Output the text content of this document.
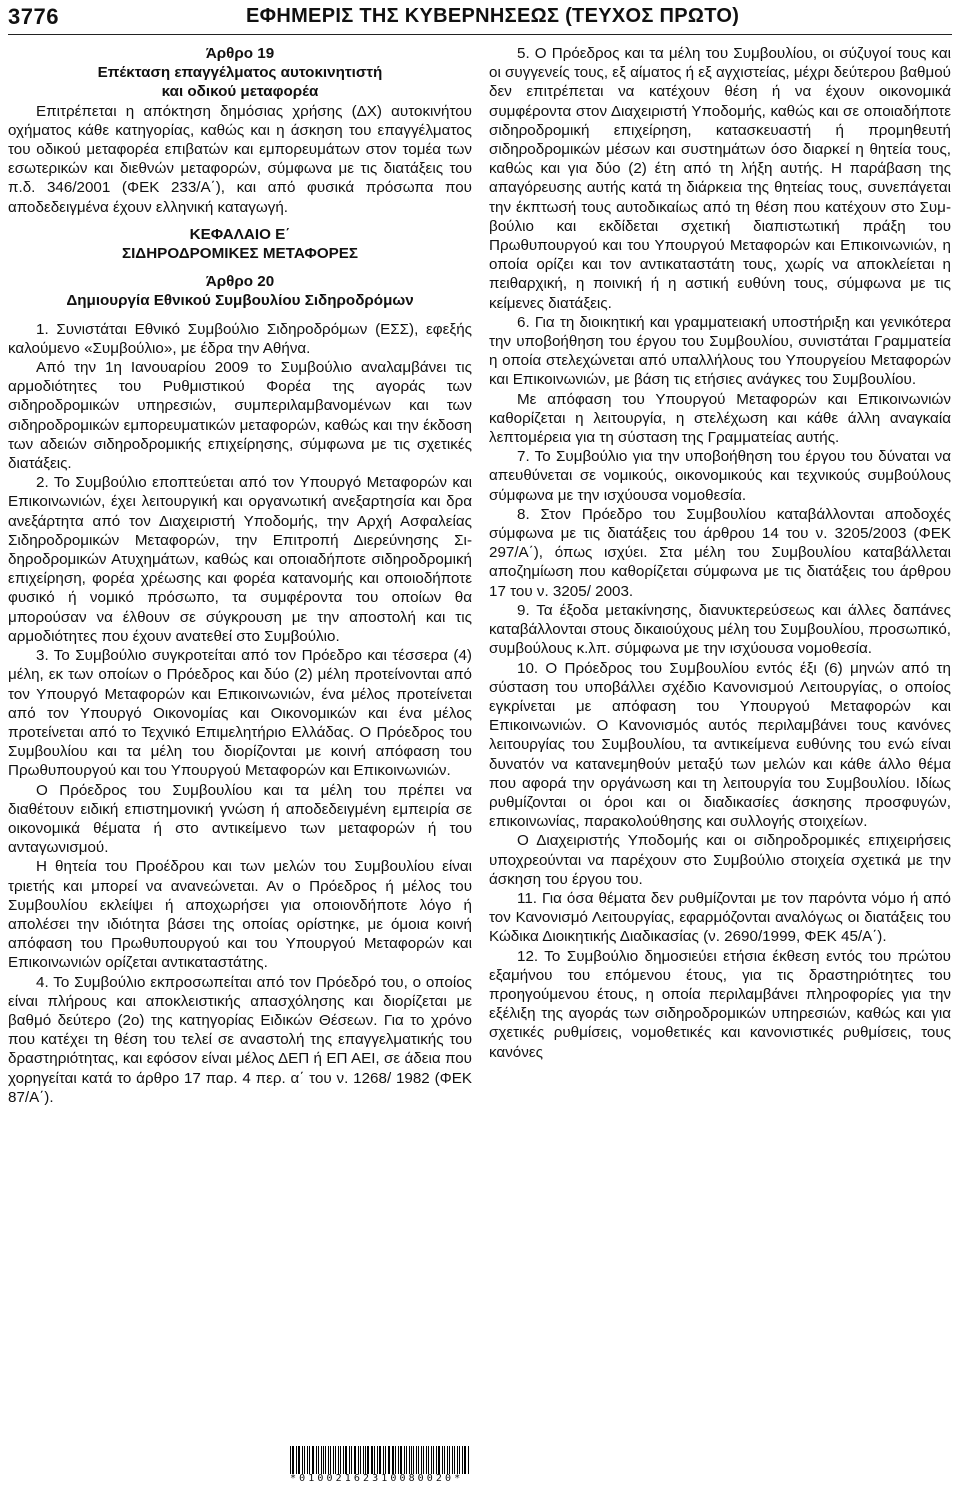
3776	ΕΦΗΜΕΡΙΣ ΤΗΣ ΚΥΒΕΡΝΗΣΕΩΣ (ΤΕΥΧΟΣ ΠΡΩΤΟ)

Άρθρο 19

Επέκταση επαγγέλματος αυτοκινητιστή

και οδικού μεταφορέα

Επιτρέπεται η απόκτηση δημόσιας χρήσης (ΔΧ) αυτοκινήτου οχήματος κάθε κατηγορίας, καθώς και η άσκηση του επαγγέλματος του οδικού μεταφορέα επιβατών και εμπορευμάτων στον τομέα των εσωτερικών και διεθνών μεταφορών, σύμφωνα με τις διατάξεις του π.δ. 346/2001 (ΦΕΚ 233/Α΄), και από φυσικά πρόσωπα που αποδεδειγμένα έχουν ελληνική καταγωγή.

ΚΕΦΑΛΑΙΟ Ε΄

ΣΙΔΗΡΟΔΡΟΜΙΚΕΣ ΜΕΤΑΦΟΡΕΣ

Άρθρο 20

Δημιουργία Εθνικού Συμβουλίου Σιδηροδρόμων

1. Συνιστάται Εθνικό Συμβούλιο Σιδηροδρόμων (ΕΣΣ), εφεξής καλούμενο «Συμβούλιο», με έδρα την Αθήνα.

Από την 1η Ιανουαρίου 2009 το Συμβούλιο αναλαμβάνει τις αρμοδιότητες του Ρυθμιστικού Φορέα της αγοράς των σιδηροδρομικών υπηρεσιών, συμπεριλαμβανομένων και των σιδηροδρομικών εμπορευματικών μεταφορών, καθώς και την έκδοση των αδειών σιδηροδρομικής επιχείρησης, σύμφωνα με τις σχετικές διατάξεις.

2. Το Συμβούλιο εποπτεύεται από τον Υπουργό Μεταφορών και Επικοινωνιών, έχει λειτουργική και οργανωτική ανεξαρτησία και δρα ανεξάρτητα από τον Διαχειριστή Υποδομής, την Αρχή Ασφαλείας Σιδηροδρομικών Μεταφορών, την Επιτροπή Διερεύνησης Σιδηροδρομικών Ατυχημάτων, καθώς και οποιαδήποτε σιδηροδρομική επιχείρηση, φορέα χρέωσης και φορέα κατανομής και οποιοδήποτε φυσικό ή νομικό πρόσωπο, τα συμφέροντα του οποίων θα μπορούσαν να έλθουν σε σύγκρουση με την αποστολή και τις αρμοδιότητες που έχουν ανατεθεί στο Συμβούλιο.

3. Το Συμβούλιο συγκροτείται από τον Πρόεδρο και τέσσερα (4) μέλη, εκ των οποίων ο Πρόεδρος και δύο (2) μέλη προτείνονται από τον Υπουργό Μεταφορών και Επικοινωνιών, ένα μέλος προτείνεται από τον Υπουργό Οικονομίας και Οικονομικών και ένα μέλος προτείνεται από το Τεχνικό Επιμελητήριο Ελλάδας. Ο Πρόεδρος του Συμβουλίου και τα μέλη του διορίζονται με κοινή απόφαση του Πρωθυπουργού και του Υπουργού Μεταφορών και Επικοινωνιών.

Ο Πρόεδρος του Συμβουλίου και τα μέλη του πρέπει να διαθέτουν ειδική επιστημονική γνώση ή αποδεδειγμένη εμπειρία σε οικονομικά θέματα ή στο αντικείμενο των μεταφορών ή του ανταγωνισμού.

Η θητεία του Προέδρου και των μελών του Συμβουλίου είναι τριετής και μπορεί να ανανεώνεται. Αν ο Πρόεδρος ή μέλος του Συμβουλίου εκλείψει ή αποχωρήσει για οποιονδήποτε λόγο ή απολέσει την ιδιότητα βάσει της οποίας ορίστηκε, με όμοια κοινή απόφαση του Πρωθυπουργού και του Υπουργού Μεταφορών και Επικοινωνιών ορίζεται αντικαταστάτης.

4. Το Συμβούλιο εκπροσωπείται από τον Πρόεδρό του, ο οποίος είναι πλήρους και αποκλειστικής απασχόλησης και διορίζεται με βαθμό δεύτερο (2ο) της κατηγορίας Ειδικών Θέσεων. Για το χρόνο που κατέχει τη θέση του τελεί σε αναστολή της επαγγελματικής του δραστηριότητας, και εφόσον είναι μέλος ΔΕΠ ή ΕΠ ΑΕΙ, σε άδεια που χορηγείται κατά το άρθρο 17 παρ. 4 περ. α΄ του ν. 1268/ 1982 (ΦΕΚ 87/Α΄).

5. Ο Πρόεδρος και τα μέλη του Συμβουλίου, οι σύζυγοί τους και οι συγγενείς τους, εξ αίματος ή εξ αγχιστείας, μέχρι δεύτερου βαθμού δεν επιτρέπεται να κατέχουν θέση ή να έχουν οικονομικά συμφέροντα στον Διαχειριστή Υποδομής, καθώς και σε οποιαδήποτε σιδηροδρομική επιχείρηση, κατασκευαστή ή προμηθευτή σιδηροδρομικών μέσων και συστημάτων όσο διαρκεί η θητεία τους, καθώς και για δύο (2) έτη από τη λήξη αυτής. Η παράβαση της απαγόρευσης αυτής κατά τη διάρκεια της θητείας τους, συνεπάγεται την έκπτωσή τους αυτοδικαίως από τη θέση που κατέχουν στο Συμβούλιο και εκδίδεται σχετική διαπιστωτική πράξη του Πρωθυπουργού και του Υπουργού Μεταφορών και Επικοινωνιών, η οποία ορίζει και τον αντικαταστάτη τους, χωρίς να αποκλείεται η πειθαρχική, η ποινική ή η αστική ευθύνη τους, σύμφωνα με τις κείμενες διατάξεις.

6. Για τη διοικητική και γραμματειακή υποστήριξη και γενικότερα την υποβοήθηση του έργου του Συμβουλίου, συνιστάται Γραμματεία η οποία στελεχώνεται από υπαλλήλους του Υπουργείου Μεταφορών και Επικοινωνιών, με βάση τις ετήσιες ανάγκες του Συμβουλίου.

Με απόφαση του Υπουργού Μεταφορών και Επικοινωνιών καθορίζεται η λειτουργία, η στελέχωση και κάθε άλλη αναγκαία λεπτομέρεια για τη σύσταση της Γραμματείας αυτής.

7. Το Συμβούλιο για την υποβοήθηση του έργου του δύναται να απευθύνεται σε νομικούς, οικονομικούς και τεχνικούς συμβούλους σύμφωνα με την ισχύουσα νομοθεσία.

8. Στον Πρόεδρο του Συμβουλίου καταβάλλονται αποδοχές σύμφωνα με τις διατάξεις του άρθρου 14 του ν. 3205/2003 (ΦΕΚ 297/Α΄), όπως ισχύει. Στα μέλη του Συμβουλίου καταβάλλεται αποζημίωση που καθορίζεται σύμφωνα με τις διατάξεις του άρθρου 17 του ν. 3205/ 2003.

9. Τα έξοδα μετακίνησης, διανυκτερεύσεως και άλλες δαπάνες καταβάλλονται στους δικαιούχους μέλη του Συμβουλίου, προσωπικό, συμβούλους κ.λπ. σύμφωνα με την ισχύουσα νομοθεσία.

10. Ο Πρόεδρος του Συμβουλίου εντός έξι (6) μηνών από τη σύσταση του υποβάλλει σχέδιο Κανονισμού Λειτουργίας, ο οποίος εγκρίνεται με απόφαση του Υπουργού Μεταφορών και Επικοινωνιών. Ο Κανονισμός αυτός περιλαμβάνει τους κανόνες λειτουργίας του Συμβουλίου, τα αντικείμενα ευθύνης του ενώ είναι δυνατόν να κατανεμηθούν μεταξύ των μελών και κάθε άλλο θέμα που αφορά την οργάνωση και τη λειτουργία του Συμβουλίου. Ιδίως ρυθμίζονται οι όροι και οι διαδικασίες άσκησης προσφυγών, επικοινωνίας, παρακολούθησης και συλλογής στοιχείων.

Ο Διαχειριστής Υποδομής και οι σιδηροδρομικές επιχειρήσεις υποχρεούνται να παρέχουν στο Συμβούλιο στοιχεία σχετικά με την άσκηση του έργου του.

11. Για όσα θέματα δεν ρυθμίζονται με τον παρόντα νόμο ή από τον Κανονισμό Λειτουργίας, εφαρμόζονται αναλόγως οι διατάξεις του Κώδικα Διοικητικής Διαδικασίας (ν. 2690/1999, ΦΕΚ 45/Α΄).

12. Το Συμβούλιο δημοσιεύει ετήσια έκθεση εντός του πρώτου εξαμήνου του επόμενου έτους, για τις δραστηριότητες του προηγούμενου έτους, η οποία περιλαμβάνει πληροφορίες για την εξέλιξη της αγοράς των σιδηροδρομικών υπηρεσιών, καθώς και για σχετικές ρυθμίσεις, νομοθετικές και κανονιστικές ρυθμίσεις, τους κανόνες

*01002162310080020*
